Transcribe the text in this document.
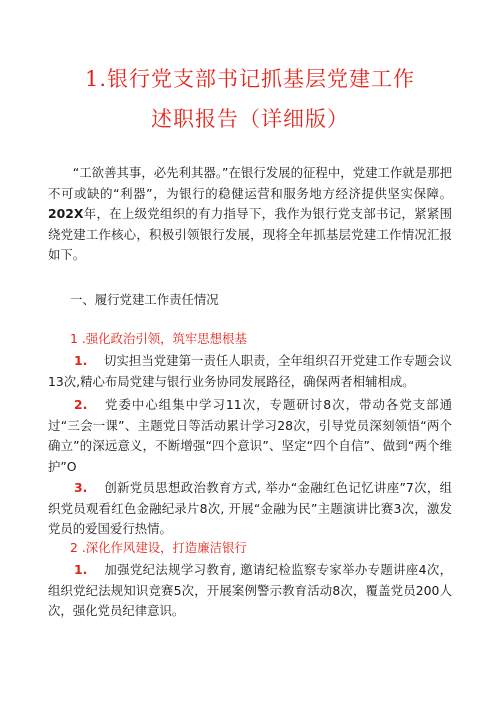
1.银行党支部书记抓基层党建工作
述职报告（详细版）
“工欲善其事，必先利其器。”在银行发展的征程中，党建工作就是那把不可或缺的“利器”，为银行的稳健运营和服务地方经济提供坚实保障。202X年，在上级党组织的有力指导下，我作为银行党支部书记，紧紧围绕党建工作核心，积极引领银行发展，现将全年抓基层党建工作情况汇报如下。
一、履行党建工作责任情况
1 .强化政治引领，筑牢思想根基
1. 切实担当党建第一责任人职责，全年组织召开党建工作专题会议13次,精心布局党建与银行业务协同发展路径，确保两者相辅相成。
2. 党委中心组集中学习11次，专题研讨8次，带动各党支部通过“三会一课”、主题党日等活动累计学习28次，引导党员深刻领悟“两个确立”的深远意义，不断增强“四个意识”、坚定“四个自信”、做到“两个维护”O
3. 创新党员思想政治教育方式, 举办“金融红色记忆讲座”7次，组织党员观看红色金融纪录片8次, 开展“金融为民”主题演讲比赛3次，激发党员的爱国爱行热情。
2 .深化作风建设，打造廉洁银行
1. 加强党纪法规学习教育, 邀请纪检监察专家举办专题讲座4次，组织党纪法规知识竞赛5次，开展案例警示教育活动8次，覆盖党员200人次，强化党员纪律意识。
